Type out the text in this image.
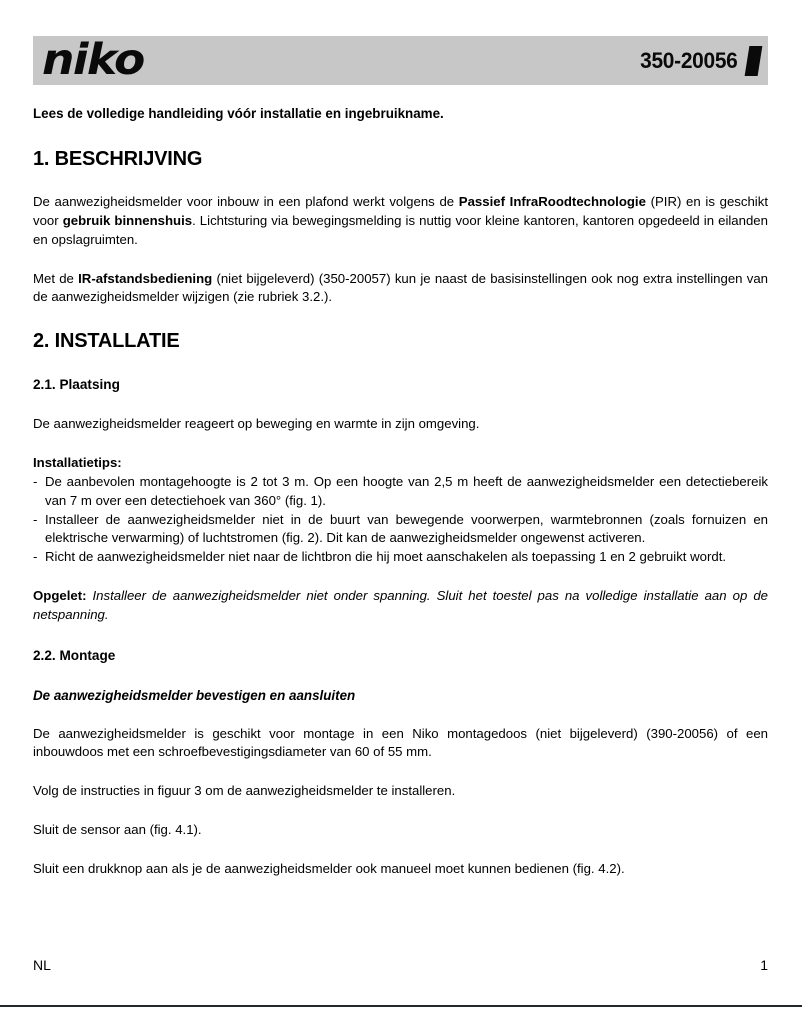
niko	350-20056

Lees de volledige handleiding vóór installatie en ingebruikname.

1. BESCHRIJVING

De aanwezigheidsmelder voor inbouw in een plafond werkt volgens de Passief InfraRoodtechnologie (PIR) en is geschikt voor gebruik binnenshuis. Lichtsturing via bewegingsmelding is nuttig voor kleine kantoren, kantoren opgedeeld in eilanden en opslagruimten.

Met de IR-afstandsbediening (niet bijgeleverd) (350-20057) kun je naast de basisinstellingen ook nog extra instellingen van de aanwezigheidsmelder wijzigen (zie rubriek 3.2.).

2. INSTALLATIE
2.1. Plaatsing

De aanwezigheidsmelder reageert op beweging en warmte in zijn omgeving.

Installatietips:

- De aanbevolen montagehoogte is 2 tot 3 m. Op een hoogte van 2,5 m heeft de aanwezigheidsmelder een detectiebereik van 7 m over een detectiehoek van 360° (fig. 1).
- Installeer de aanwezigheidsmelder niet in de buurt van bewegende voorwerpen, warmtebronnen (zoals fornuizen en elektrische verwarming) of luchtstromen (fig. 2). Dit kan de aanwezigheidsmelder ongewenst activeren.
- Richt de aanwezigheidsmelder niet naar de lichtbron die hij moet aanschakelen als toepassing 1 en 2 gebruikt wordt.

Opgelet: Installeer de aanwezigheidsmelder niet onder spanning. Sluit het toestel pas na volledige installatie aan op de netspanning.

2.2. Montage
De aanwezigheidsmelder bevestigen en aansluiten

De aanwezigheidsmelder is geschikt voor montage in een Niko montagedoos (niet bijgeleverd) (390-20056) of een inbouwdoos met een schroefbevestigingsdiameter van 60 of 55 mm.

Volg de instructies in figuur 3 om de aanwezigheidsmelder te installeren.

Sluit de sensor aan (fig. 4.1).

Sluit een drukknop aan als je de aanwezigheidsmelder ook manueel moet kunnen bedienen (fig. 4.2).

NL	1
